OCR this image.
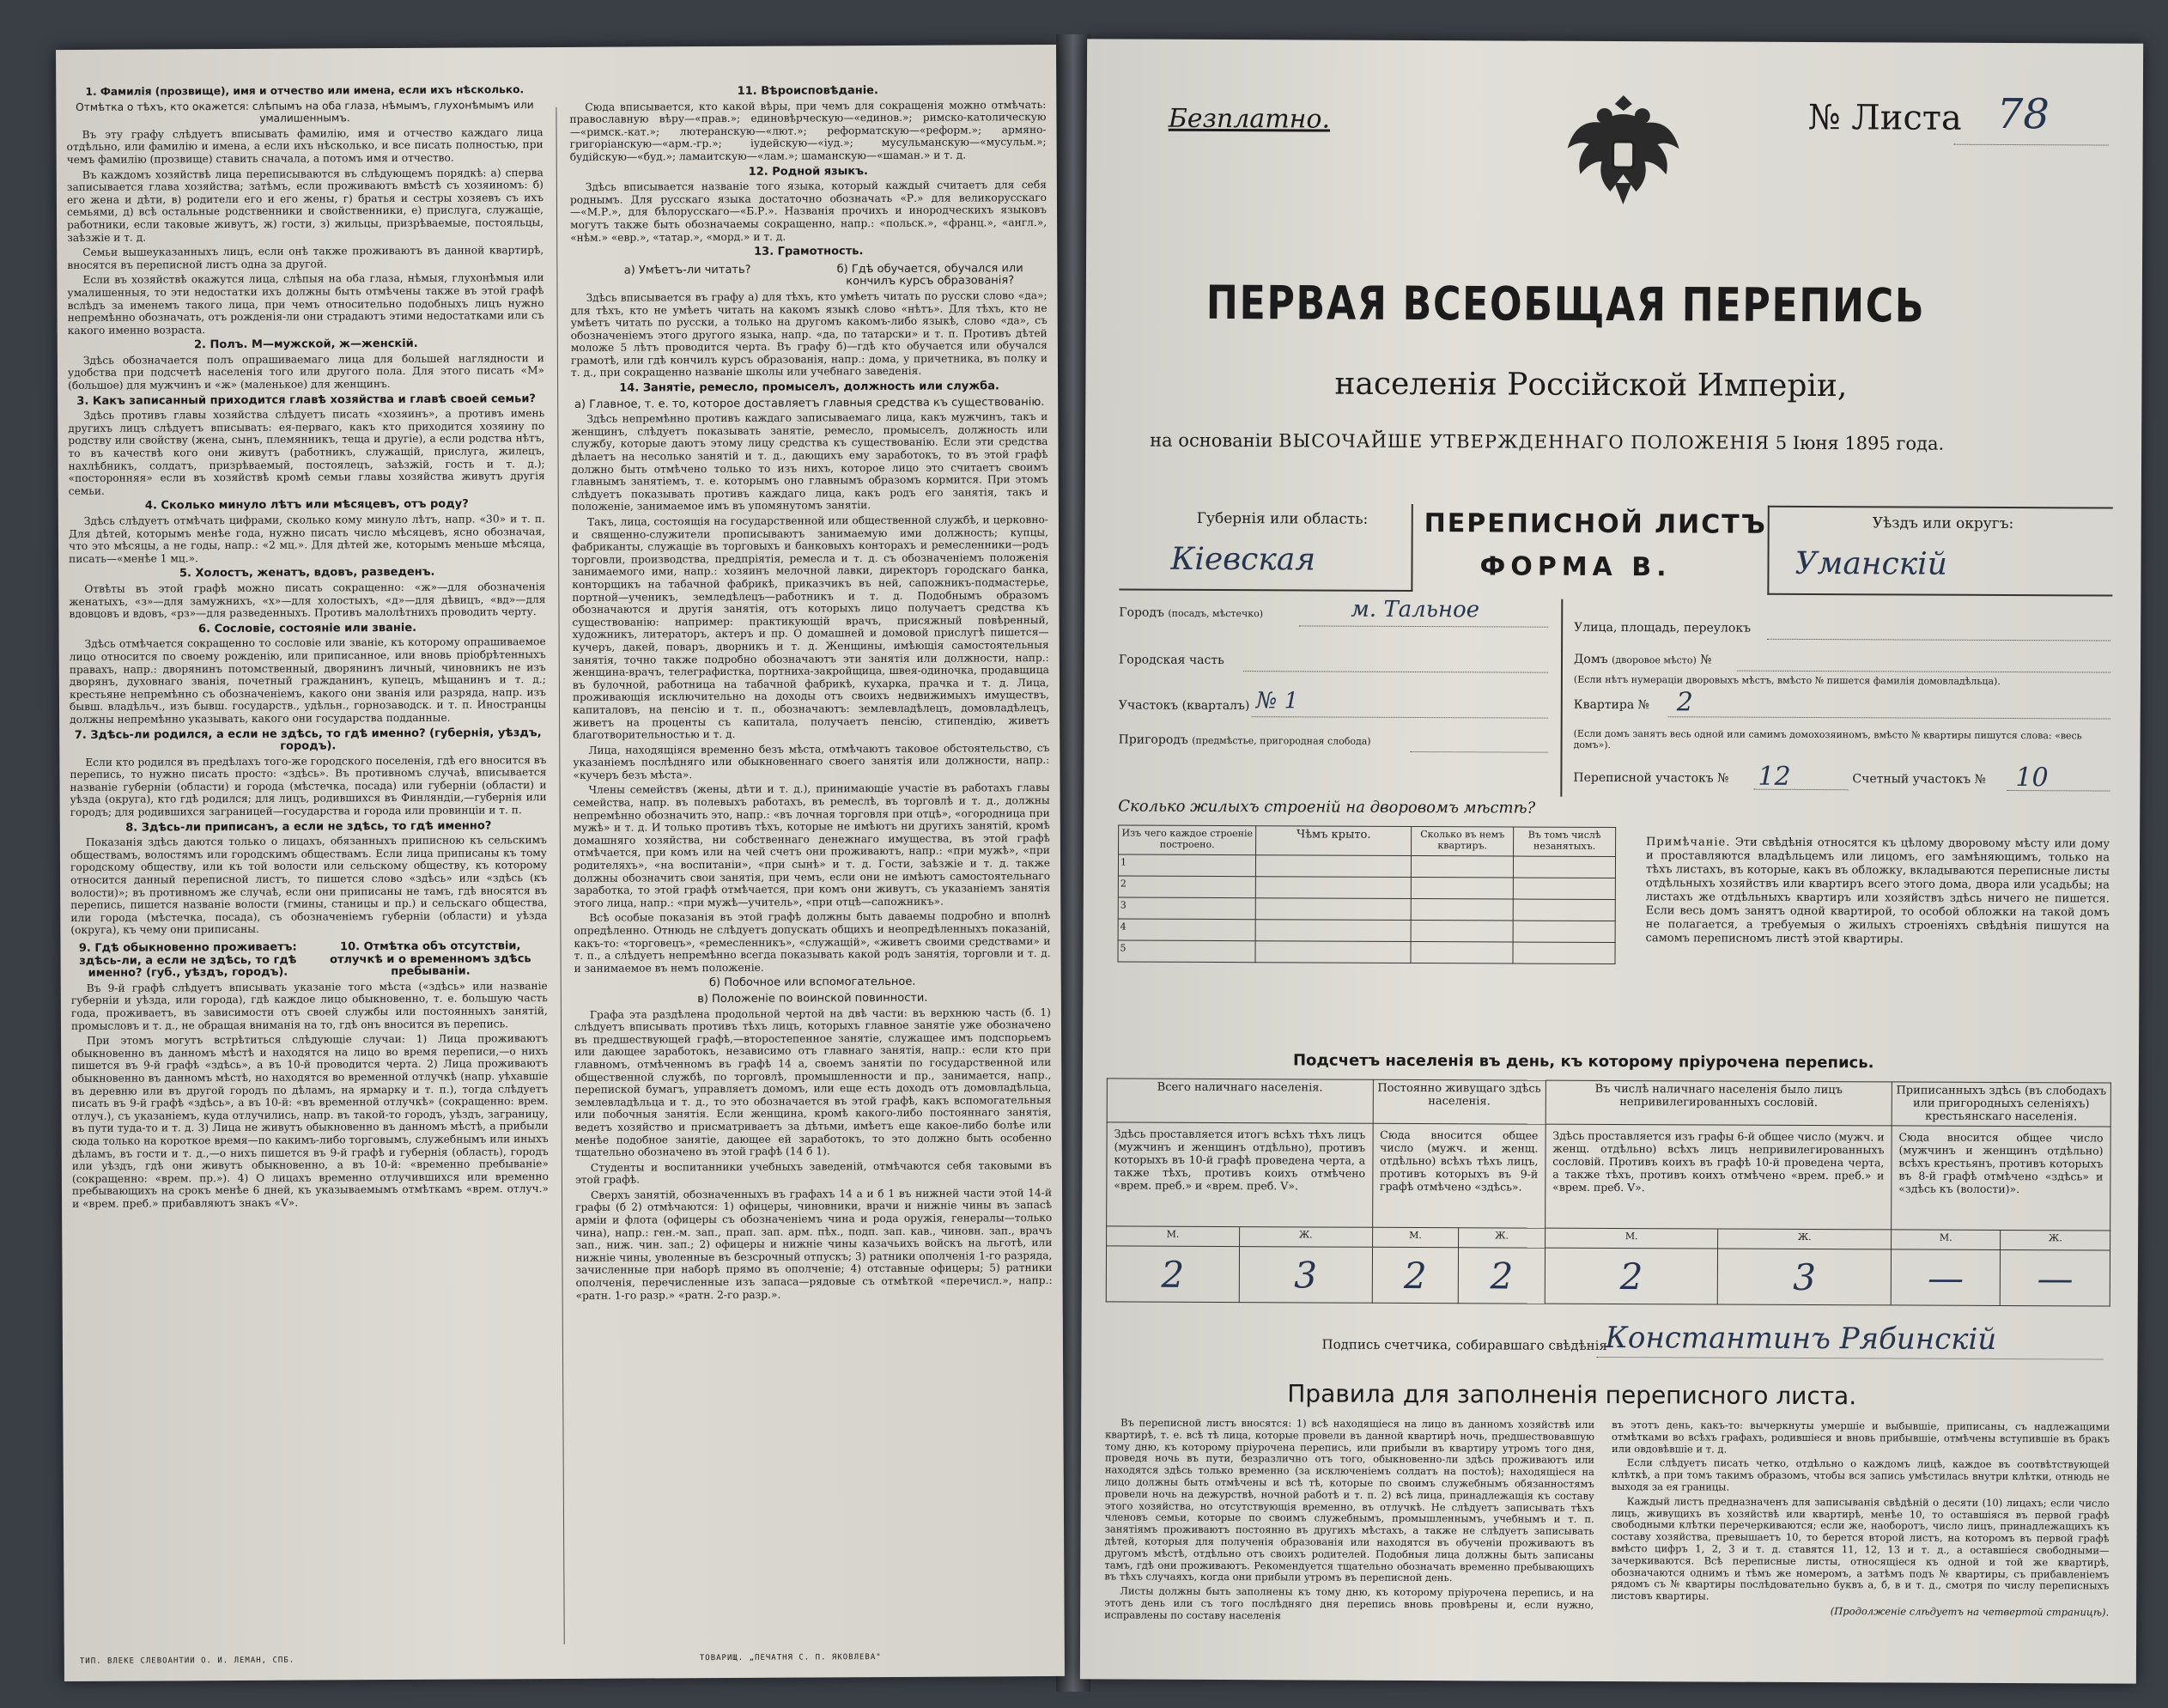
1. Фамилія (прозвище), имя и отчество или имена, если ихъ нѣсколько.

Отмѣтка о тѣхъ, кто окажется: слѣпымъ на оба глаза, нѣмымъ, глухонѣмымъ или умалишеннымъ.

Въ эту графу слѣдуетъ вписывать фамилію, имя и отчество каждаго лица отдѣльно, или фамилію и имена, а если ихъ нѣсколько, и все писать полностью, при чемъ фамилію (прозвище) ставить сначала, а потомъ имя и отчество.

Въ каждомъ хозяйствѣ лица переписываются въ слѣдующемъ порядкѣ: а) сперва записывается глава хозяйства; затѣмъ, если проживаютъ вмѣстѣ съ хозяиномъ: б) его жена и дѣти, в) родители его и его жены, г) братья и сестры хозяевъ съ ихъ семьями, д) всѣ остальные родственники и свойственники, е) прислуга, служащіе, работники, если таковые живутъ, ж) гости, з) жильцы, призрѣваемые, постояльцы, заѣзжіе и т. д.

Семьи вышеуказанныхъ лицъ, если онѣ также проживаютъ въ данной квартирѣ, вносятся въ переписной листъ одна за другой.

Если въ хозяйствѣ окажутся лица, слѣпыя на оба глаза, нѣмыя, глухонѣмыя или умалишенныя, то эти недостатки ихъ должны быть отмѣчены также въ этой графѣ вслѣдъ за именемъ такого лица, при чемъ относительно подобныхъ лицъ нужно непремѣнно обозначать, отъ рожденія-ли они страдаютъ этими недостатками или съ какого именно возраста.

2. Полъ. М—мужской, ж—женскій.

Здѣсь обозначается полъ опрашиваемаго лица для большей наглядности и удобства при подсчетѣ населенія того или другого пола. Для этого писать «М» (большое) для мужчинъ и «ж» (маленькое) для женщинъ.

3. Какъ записанный приходится главѣ хозяйства и главѣ своей семьи?

Здѣсь противъ главы хозяйства слѣдуетъ писать «хозяинъ», а противъ имень другихъ лицъ слѣдуетъ вписывать: ея-перваго, какъ кто приходится хозяину по родству или свойству (жена, сынъ, племянникъ, теща и другіе), а если родства нѣтъ, то въ качествѣ кого они живутъ (работникъ, служащій, прислуга, жилецъ, нахлѣбникъ, солдатъ, призрѣваемый, постоялецъ, заѣзжій, гость и т. д.); «посторонняя» если въ хозяйствѣ кромѣ семьи главы хозяйства живутъ другія семьи.

4. Сколько минуло лѣтъ или мѣсяцевъ, отъ роду?

Здѣсь слѣдуетъ отмѣчать цифрами, сколько кому минуло лѣтъ, напр. «30» и т. п. Для дѣтей, которымъ менѣе года, нужно писать число мѣсяцевъ, ясно обозначая, что это мѣсяцы, а не годы, напр.: «2 мц.». Для дѣтей же, которымъ меньше мѣсяца, писать—«менѣе 1 мц.».

5. Холостъ, женатъ, вдовъ, разведенъ.

Отвѣты въ этой графѣ можно писать сокращенно: «ж»—для обозначенія женатыхъ, «з»—для замужнихъ, «х»—для холостыхъ, «д»—для дѣвицъ, «вд»—для вдовцовъ и вдовъ, «рз»—для разведенныхъ. Противъ малолѣтнихъ проводить черту.

6. Сословіе, состояніе или званіе.

Здѣсь отмѣчается сокращенно то сословіе или званіе, къ которому опрашиваемое лицо относится по своему рожденію, или приписанное, или вновь пріобрѣтенныхъ правахъ, напр.: дворянинъ потомственный, дворянинъ личный, чиновникъ не изъ дворянъ, духовнаго званія, почетный гражданинъ, купецъ, мѣщанинъ и т. д.; крестьяне непремѣнно съ обозначеніемъ, какого они званія или разряда, напр. изъ бывш. владѣльч., изъ бывш. государств., удѣльн., горнозаводск. и т. п. Иностранцы должны непремѣнно указывать, какого они государства подданные.

7. Здѣсь-ли родился, а если не здѣсь, то гдѣ именно? (губернія, уѣздъ, городъ).

Если кто родился въ предѣлахъ того-же городского поселенія, гдѣ его вносится въ перепись, то нужно писать просто: «здѣсь». Въ противномъ случаѣ, вписывается названіе губерніи (области) и города (мѣстечка, посада) или губерніи (области) и уѣзда (округа), кто гдѣ родился; для лицъ, родившихся въ Финляндіи,—губернія или городъ; для родившихся заграницей—государства и города или провинціи и т. п.

8. Здѣсь-ли приписанъ, а если не здѣсь, то гдѣ именно?

Показанія здѣсь даются только о лицахъ, обязанныхъ приписною къ сельскимъ обществамъ, волостямъ или городскимъ обществамъ. Если лица приписаны къ тому городскому обществу, или къ той волости или сельскому обществу, къ которому относится данный переписной листъ, то пишется слово «здѣсь» или «здѣсь (къ волости)»; въ противномъ же случаѣ, если они приписаны не тамъ, гдѣ вносятся въ перепись, пишется названіе волости (гмины, станицы и пр.) и сельскаго общества, или города (мѣстечка, посада), съ обозначеніемъ губерніи (области) и уѣзда (округа), къ чему они приписаны.

9. Гдѣ обыкновенно проживаетъ: здѣсь-ли, а если не здѣсь, то гдѣ именно? (губ., уѣздъ, городъ).
10. Отмѣтка объ отсутствіи, отлучкѣ и о временномъ здѣсь пребываніи.

Въ 9-й графѣ слѣдуетъ вписывать указаніе того мѣста («здѣсь» или названіе губерніи и уѣзда, или города), гдѣ каждое лицо обыкновенно, т. е. большую часть года, проживаетъ, въ зависимости отъ своей службы или постоянныхъ занятій, промысловъ и т. д., не обращая вниманія на то, гдѣ онъ вносится въ перепись.

При этомъ могутъ встрѣтиться слѣдующіе случаи: 1) Лица проживаютъ обыкновенно въ данномъ мѣстѣ и находятся на лицо во время переписи,—о нихъ пишется въ 9-й графѣ «здѣсь», а въ 10-й проводится черта. 2) Лица проживаютъ обыкновенно въ данномъ мѣстѣ, но находятся во временной отлучкѣ (напр. уѣхавшіе въ деревню или въ другой городъ по дѣламъ, на ярмарку и т. п.), тогда слѣдуетъ писать въ 9-й графѣ «здѣсь», а въ 10-й: «въ временной отлучкѣ» (сокращенно: врем. отлуч.), съ указаніемъ, куда отлучились, напр. въ такой-то городъ, уѣздъ, заграницу, въ пути туда-то и т. д. 3) Лица не живутъ обыкновенно въ данномъ мѣстѣ, а прибыли сюда только на короткое время—по какимъ-либо торговымъ, служебнымъ или иныхъ дѣламъ, въ гости и т. д.,—о нихъ пишется въ 9-й графѣ и губернія (область), городъ или уѣздъ, гдѣ они живутъ обыкновенно, а въ 10-й: «временно пребываніе» (сокращенно: «врем. пр.»). 4) О лицахъ временно отлучившихся или временно пребывающихъ на срокъ менѣе 6 дней, къ указываемымъ отмѣткамъ «врем. отлуч.» и «врем. преб.» прибавляютъ знакъ «V».

11. Вѣроисповѣданіе.

Сюда вписывается, кто какой вѣры, при чемъ для сокращенія можно отмѣчать: православную вѣру—«прав.»; единовѣрческую—«единов.»; римско-католическую—«римск.-кат.»; лютеранскую—«лют.»; реформатскую—«реформ.»; армяно-григоріанскую—«арм.-гр.»; іудейскую—«іуд.»; мусульманскую—«мусульм.»; будійскую—«буд.»; ламаитскую—«лам.»; шаманскую—«шаман.» и т. д.

12. Родной языкъ.

Здѣсь вписывается названіе того языка, который каждый считаетъ для себя роднымъ. Для русскаго языка достаточно обозначать «Р.» для великорусскаго—«М.Р.», для бѣлорусскаго—«Б.Р.». Названія прочихъ и инородческихъ языковъ могутъ также быть обозначаемы сокращенно, напр.: «польск.», «франц.», «англ.», «нѣм.» «евр.», «татар.», «морд.» и т. д.

13. Грамотность.
а) Умѣетъ-ли читать?	б) Гдѣ обучается, обучался или кончилъ курсъ образованія?

Здѣсь вписывается въ графу а) для тѣхъ, кто умѣетъ читать по русски слово «да»; для тѣхъ, кто не умѣетъ читать на какомъ языкѣ слово «нѣтъ». Для тѣхъ, кто не умѣетъ читать по русски, а только на другомъ какомъ-либо языкѣ, слово «да», съ обозначеніемъ этого другого языка, напр. «да, по татарски» и т. п. Противъ дѣтей моложе 5 лѣтъ проводится черта. Въ графу б)—гдѣ кто обучается или обучался грамотѣ, или гдѣ кончилъ курсъ образованія, напр.: дома, у причетника, въ полку и т. д., при сокращенно названіе школы или учебнаго заведенія.

14. Занятіе, ремесло, промыселъ, должность или служба.
а) Главное, т. е. то, которое доставляетъ главныя средства къ существованію.

Здѣсь непремѣнно противъ каждаго записываемаго лица, какъ мужчинъ, такъ и женщинъ, слѣдуетъ показывать занятіе, ремесло, промыселъ, должность или службу, которые даютъ этому лицу средства къ существованію. Если эти средства дѣлаетъ на несолько занятій и т. д., дающихъ ему заработокъ, то въ этой графѣ должно быть отмѣчено только то изъ нихъ, которое лицо это считаетъ своимъ главнымъ занятіемъ, т. е. которымъ оно главнымъ образомъ кормится. При этомъ слѣдуетъ показывать противъ каждаго лица, какъ родъ его занятія, такъ и положеніе, занимаемое имъ въ упомянутомъ занятіи.

Такъ, лица, состоящія на государственной или общественной службѣ, и церковно-и священно-служители прописываютъ занимаемую ими должность; купцы, фабриканты, служащіе въ торговыхъ и банковыхъ конторахъ и ремесленники—родъ торговли, производства, предпріятія, ремесла и т. д. съ обозначеніемъ положенія занимаемого ими, напр.: хозяинъ мелочной лавки, директоръ городскаго банка, конторщикъ на табачной фабрикѣ, приказчикъ въ ней, сапожникъ-подмастерье, портной—ученикъ, земледѣлецъ—работникъ и т. д. Подобнымъ образомъ обозначаются и другія занятія, отъ которыхъ лицо получаетъ средства къ существованію: например: практикующій врачъ, присяжный повѣренный, художникъ, литераторъ, актеръ и пр. О домашней и домовой прислугѣ пишется—кучеръ, дакей, поваръ, дворникъ и т. д. Женщины, имѣющія самостоятельныя занятія, точно также подробно обозначаютъ эти занятія или должности, напр.: женщина-врачъ, телеграфистка, портниха-закройщица, швея-одиночка, продавщица въ булочной, работница на табачной фабрикѣ, кухарка, прачка и т. д. Лица, проживающія исключительно на доходы отъ своихъ недвижимыхъ имуществъ, капиталовъ, на пенсію и т. п., обозначаютъ: землевладѣлецъ, домовладѣлецъ, живетъ на проценты съ капитала, получаетъ пенсію, стипендію, живетъ благотворительностью и т. д.

Лица, находящіяся временно безъ мѣста, отмѣчаютъ таковое обстоятельство, съ указаніемъ послѣдняго или обыкновеннаго своего занятія или должности, напр.: «кучеръ безъ мѣста».

Члены семействъ (жены, дѣти и т. д.), принимающіе участіе въ работахъ главы семейства, напр. въ полевыхъ работахъ, въ ремеслѣ, въ торговлѣ и т. д., должны непремѣнно обозначить это, напр.: «въ лочная торговля при отцѣ», «огородница при мужѣ» и т. д. И только противъ тѣхъ, которые не имѣютъ ни другихъ занятій, кромѣ домашняго хозяйства, ни собственнаго денежнаго имущества, въ этой графѣ отмѣчается, при комъ или на чей счетъ они проживаютъ, напр.: «при мужѣ», «при родителяхъ», «на воспитаніи», «при сынѣ» и т. д. Гости, заѣзжіе и т. д. также должны обозначить свои занятія, при чемъ, если они не имѣютъ самостоятельнаго заработка, то этой графѣ отмѣчается, при комъ они живутъ, съ указаніемъ занятія этого лица, напр.: «при мужѣ—учитель», «при отцѣ—сапожникъ».

Всѣ особые показанія въ этой графѣ должны быть даваемы подробно и вполнѣ опредѣленно. Отнюдь не слѣдуетъ допускать общихъ и неопредѣленныхъ показаній, какъ-то: «торговецъ», «ремесленникъ», «служащій», «живетъ своими средствами» и т. п., а слѣдуетъ непремѣнно всегда показывать какой родъ занятія, торговли и т. д. и занимаемое въ немъ положеніе.

б) Побочное или вспомогательное.
в) Положеніе по воинской повинности.

Графа эта раздѣлена продольной чертой на двѣ части: въ верхнюю часть (б. 1) слѣдуетъ вписывать противъ тѣхъ лицъ, которыхъ главное занятіе уже обозначено въ предшествующей графѣ,—второстепенное занятіе, служащее имъ подспорьемъ или дающее заработокъ, независимо отъ главнаго занятія, напр.: если кто при главномъ, отмѣченномъ въ графѣ 14 а, своемъ занятіи по государственной или общественной службѣ, по торговлѣ, промышленности и пр., занимается, напр., перепиской бумагъ, управляетъ домомъ, или еще есть доходъ отъ домовладѣльца, землевладѣльца и т. д., то это обозначается въ этой графѣ, какъ вспомогательныя или побочныя занятія. Если женщина, кромѣ какого-либо постояннаго занятія, ведетъ хозяйство и присматриваетъ за дѣтьми, имѣетъ еще какое-либо болѣе или менѣе подобное занятіе, дающее ей заработокъ, то это должно быть особенно тщательно обозначено въ этой графѣ (14 б 1).

Студенты и воспитанники учебныхъ заведеній, отмѣчаются себя таковыми въ этой графѣ.

Сверхъ занятій, обозначенныхъ въ графахъ 14 а и б 1 въ нижней части этой 14-й графы (б 2) отмѣчаются: 1) офицеры, чиновники, врачи и нижніе чины въ запасѣ арміи и флота (офицеры съ обозначеніемъ чина и рода оружія, генералы—только чина), напр.: ген.-м. зап., прап. зап. арм. пѣх., подп. зап. кав., чиновн. зап., врачъ зап., ниж. чин. зап.; 2) офицеры и нижніе чины казачьихъ войскъ на льготѣ, или нижніе чины, уволенные въ безсрочный отпускъ; 3) ратники ополченія 1-го разряда, зачисленные при наборѣ прямо въ ополченіе; 4) отставные офицеры; 5) ратники ополченія, перечисленные изъ запаса—рядовые съ отмѣткой «перечисл.», напр.: «ратн. 1-го разр.» «ратн. 2-го разр.».

ТИП. ВЛЕКЕ СЛЕВОАНТИИ О. И. ЛЕМАН, СПБ.	ТОВАРИЩ. „ПЕЧАТНЯ С. П. ЯКОВЛЕВА"
Безплатно.	№ Листа 78
ПЕРВАЯ ВСЕОБЩАЯ ПЕРЕПИСЬ
населенія Россійской Имперіи,
на основаніи ВЫСОЧАЙШЕ УТВЕРЖДЕННАГО ПОЛОЖЕНІЯ 5 Іюня 1895 года.
Губернія или область:
Кіевская
ПЕРЕПИСНОЙ ЛИСТЪ
ФОРМА В.
Уѣздъ или округъ:
Уманскій
Городъ (посадъ, мѣстечко)	м. Тальное
Улица, площадь, переулокъ
Городская часть	Домъ (дворовое мѣсто) №
(Если нѣтъ нумераціи дворовыхъ мѣстъ, вмѣсто № пишется фамилія домовладѣльца).
Участокъ (кварталъ) № 1	Квартира № 2
Пригородъ (предмѣстье, пригородная слобода)	(Если домъ занятъ весь одной или самимъ домохозяиномъ, вмѣсто № квартиры пишутся слова: «весь домъ»).
Переписной участокъ № 12	Счетный участокъ № 10
Сколько жилыхъ строеній на дворовомъ мѣстѣ?
Изъ чего каждое строеніе построено.	Чѣмъ крыто.	Сколько въ немъ квартиръ.	Въ томъ числѣ незанятыхъ.
1			
2			
3			
4			
5			
Примѣчаніе. Эти свѣдѣнія относятся къ цѣлому дворовому мѣсту или дому и проставляются владѣльцемъ или лицомъ, его замѣняющимъ, только на тѣхъ листахъ, въ которые, какъ въ обложку, вкладываются переписные листы отдѣльныхъ хозяйствъ или квартиръ всего этого дома, двора или усадьбы; на листахъ же отдѣльныхъ квартиръ или хозяйствъ здѣсь ничего не пишется. Если весь домъ занятъ одной квартирой, то особой обложки на такой домъ не полагается, а требуемыя о жилыхъ строеніяхъ свѣдѣнія пишутся на самомъ переписномъ листѣ этой квартиры.
Подсчетъ населенія въ день, къ которому пріурочена перепись.
Всего наличнаго населенія.		Постоянно живущаго здѣсь населенія.		Въ числѣ наличнаго населенія было лицъ непривилегированныхъ сословій.		Приписанныхъ здѣсь (въ слободахъ или пригородныхъ селеніяхъ) крестьянскаго населенія.	
Здѣсь проставляется итогъ всѣхъ тѣхъ лицъ (мужчинъ и женщинъ отдѣльно), противъ которыхъ въ 10-й графѣ проведена черта, а также тѣхъ, противъ коихъ отмѣчено «врем. преб.» и «врем. преб. V».		Сюда вносится общее число (мужч. и женщ. отдѣльно) всѣхъ тѣхъ лицъ, противъ которыхъ въ 9-й графѣ отмѣчено «здѣсь».		Здѣсь проставляется изъ графы 6-й общее число (мужч. и женщ. отдѣльно) всѣхъ лицъ непривилегированныхъ сословій. Противъ коихъ въ графѣ 10-й проведена черта, а также тѣхъ, противъ коихъ отмѣчено «врем. преб.» и «врем. преб. V».		Сюда вносится общее число (мужчинъ и женщинъ отдѣльно) всѣхъ крестьянъ, противъ которыхъ въ 8-й графѣ отмѣчено «здѣсь» и «здѣсь къ (волости)».	
М.	Ж.	М.	Ж.	М.	Ж.	М.	Ж.
2	3	2	2	2	3	—	—
Подпись счетчика, собиравшаго свѣдѣнія
Константинъ Рябинскій
Правила для заполненія переписного листа.

Въ переписной листъ вносятся: 1) всѣ находящіеся на лицо въ данномъ хозяйствѣ или квартирѣ, т. е. всѣ тѣ лица, которые провели въ данной квартирѣ ночь, предшествовавшую тому дню, къ которому пріурочена перепись, или прибыли въ квартиру утромъ того дня, проведя ночь въ пути, безразлично отъ того, обыкновенно-ли здѣсь проживаютъ или находятся здѣсь только временно (за исключеніемъ солдатъ на постоѣ); находящіеся на лицо должны быть отмѣчены и всѣ тѣ, которые по своимъ служебнымъ обязанностямъ провели ночь на дежурствѣ, ночной работѣ и т. п. 2) всѣ лица, принадлежащія къ составу этого хозяйства, но отсутствующія временно, въ отлучкѣ. Не слѣдуетъ записывать тѣхъ членовъ семьи, которые по своимъ служебнымъ, промышленнымъ, учебнымъ и т. п. занятіямъ проживаютъ постоянно въ другихъ мѣстахъ, а также не слѣдуетъ записывать дѣтей, которыя для полученія образованія или находятся въ обученіи проживаютъ въ другомъ мѣстѣ, отдѣльно отъ своихъ родителей. Подобныя лица должны быть записаны тамъ, гдѣ они проживаютъ. Рекомендуется тщательно обозначать временно пребывающихъ въ тѣхъ случаяхъ, когда они прибыли утромъ въ переписной день.

Листы должны быть заполнены къ тому дню, къ которому пріурочена перепись, и на этотъ день или съ того послѣдняго дня перепись вновь провѣрены и, если нужно, исправлены по составу населенія

въ этотъ день, какъ-то: вычеркнуты умершіе и выбывшіе, приписаны, съ надлежащими отмѣтками во всѣхъ графахъ, родившіеся и вновь прибывшіе, отмѣчены вступившіе въ бракъ или овдовѣвшіе и т. д.

Если слѣдуетъ писать четко, отдѣльно о каждомъ лицѣ, каждое въ соотвѣтствующей клѣткѣ, а при томъ такимъ образомъ, чтобы вся запись умѣстилась внутри клѣтки, отнюдь не выходя за ея границы.

Каждый листъ предназначенъ для записыванія свѣдѣній о десяти (10) лицахъ; если число лицъ, живущихъ въ хозяйствѣ или квартирѣ, менѣе 10, то оставшіяся въ первой графѣ свободными клѣтки перечеркиваются; если же, наоборотъ, число лицъ, принадлежащихъ къ составу хозяйства, превышаетъ 10, то берется второй листъ, на которомъ въ первой графѣ вмѣсто цифръ 1, 2, 3 и т. д. ставятся 11, 12, 13 и т. д., а оставшіеся свободными—зачеркиваются. Всѣ переписные листы, относящіеся къ одной и той же квартирѣ, обозначаются однимъ и тѣмъ же номеромъ, а затѣмъ подъ № квартиры, съ прибавленіемъ рядомъ съ № квартиры послѣдовательно буквъ а, б, в и т. д., смотря по числу переписныхъ листовъ квартиры.

(Продолженіе слѣдуетъ на четвертой страницѣ).
